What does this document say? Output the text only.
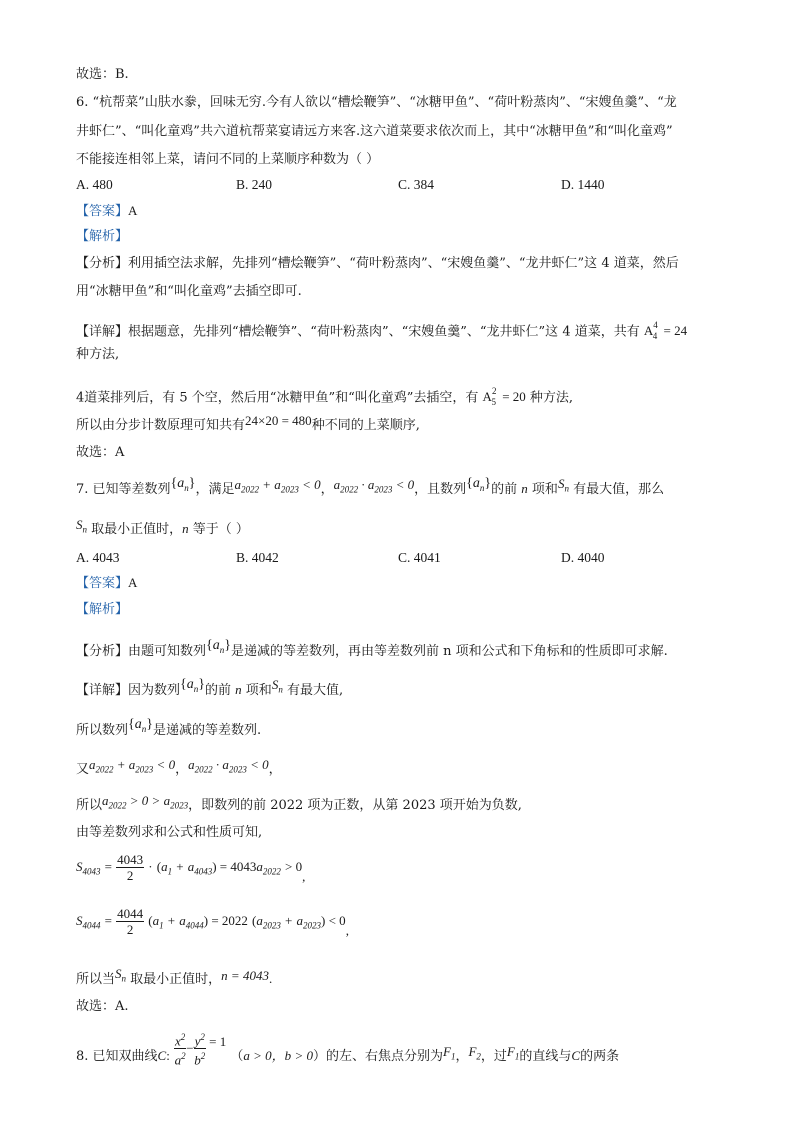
故选：B.
6. “杭帮菜”山肤水豢，回味无穷.今有人欲以“槽烩鞭笋”、“冰糖甲鱼”、“荷叶粉蒸肉”、“宋嫂鱼羹”、“龙
井虾仁”、“叫化童鸡”共六道杭帮菜宴请远方来客.这六道菜要求依次而上，其中“冰糖甲鱼”和“叫化童鸡”
不能接连相邻上菜，请问不同的上菜顺序种数为（ ）
A. 480	B. 240	C. 384	D. 1440
【答案】A
【解析】
【分析】利用插空法求解，先排列“槽烩鞭笋”、“荷叶粉蒸肉”、“宋嫂鱼羹”、“龙井虾仁”这 4 道菜，然后
用“冰糖甲鱼”和“叫化童鸡”去插空即可.
【详解】根据题意，先排列“槽烩鞭笋”、“荷叶粉蒸肉”、“宋嫂鱼羹”、“龙井虾仁”这 4 道菜，共有 $A^4_4 = 24$
种方法,
4道菜排列后，有 5 个空，然后用“冰糖甲鱼”和“叫化童鸡”去插空，有 $A^2_5 = 20$ 种方法,
所以由分步计数原理可知共有24×20 = 480种不同的上菜顺序,
故选：A
7. 已知等差数列$\{a_n\}$，满足$a_{2022} + a_{2023} < 0$，$a_{2022} \cdot a_{2023} < 0$，且数列$\{a_n\}$的前 n 项和$S_n$ 有最大值，那么
$S_n$ 取最小正值时，n 等于（ ）
A. 4043	B. 4042	C. 4041	D. 4040
【答案】A
【解析】
【分析】由题可知数列$\{a_n\}$是递减的等差数列，再由等差数列前 n 项和公式和下角标和的性质即可求解.
【详解】因为数列$\{a_n\}$的前 n 项和$S_n$ 有最大值,
所以数列$\{a_n\}$是递减的等差数列.
又$a_{2022} + a_{2023} < 0$，$a_{2022} \cdot a_{2023} < 0$，
所以$a_{2022} > 0 > a_{2023}$，即数列的前 2022 项为正数，从第 2023 项开始为负数,
由等差数列求和公式和性质可知,
$S_{4043} = \frac{4043}{2} \cdot (a_1 + a_{4043}) = 4043a_{2022} > 0$,
$S_{4044} = \frac{4044}{2} (a_1 + a_{4044}) = 2022$ $(a_{2023} + a_{2023}) < 0$,
所以当$S_n$ 取最小正值时，n = 4043.
故选：A.
8. 已知双曲线C: $\frac{x^2}{a^2} - \frac{y^2}{b^2} = 1$ （a > 0，b > 0）的左、右焦点分别为$F_1$，$F_2$，过$F_1$的直线与C的两条
